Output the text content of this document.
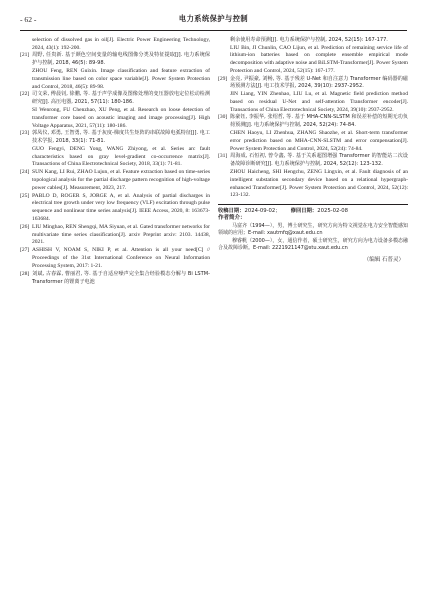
- 62 -	电力系统保护与控制

selection of dissolved gas in oil[J]. Electric Power Engineering Technology, 2024, 43(1): 192-200.

[21] 周野, 任贵新. 基于颜色空间变量的输电线图像分类及特征提取[J]. 电力系统保护与控制, 2018, 46(5): 89-98.

ZHOU Feng, REN Guixin. Image classification and feature extraction of transmission line based on color space variable[J]. Power System Protection and Control, 2018, 46(5): 89-98.

[22] 司文荣, 傅晨钊, 徐鹏, 等. 基于声学成像及图像处理的变压器放电定位松动检测研究[J]. 高压电器, 2021, 57(11): 180-186.

SI Wenrong, FU Chenzhao, XU Peng, et al. Research on loose detection of transformer core based on acoustic imaging and image processing[J]. High Voltage Apparatus, 2021, 57(11): 180-186.

[23] 郭凤仪, 邓勇, 王智勇, 等. 基于灰度-梯度共生矩阵的串联故障电弧特征[J]. 电工技术学报, 2018, 33(1): 71-81.

GUO Fengyi, DENG Yong, WANG Zhiyong, et al. Series arc fault characteristics based on gray level-gradient co-occurrence matrix[J]. Transactions of China Electrotechnical Society, 2018, 33(1): 71-81.

[24] SUN Kang, LI Rui, ZHAO Lujun, et al. Feature extraction based on time-series topological analysis for the partial discharge pattern recognition of high-voltage power cables[J]. Measurement, 2023, 217.

[25] PABLO D, ROGER S, JORGE A, et al. Analysis of partial discharges in electrical tree growth under very low frequency (VLF) excitation through pulse sequence and nonlinear time series analysis[J]. IEEE Access, 2020, 8: 163673-163684.

[26] LIU Minghao, REN Shengqi, MA Siyuan, et al. Gated transformer networks for multivariate time series classification[J]. arxiv Preprint arxiv: 2103. 14438, 2021.

[27] ASHISH V, NOAM S, NIKI P, et al. Attention is all your need[C] // Proceedings of the 31st International Conference on Neural Information Processing System, 2017: 1-21.

[28] 刘斌, 古春霖, 曹丽君, 等. 基于自适应噪声完全集合经验模态分解与 Bi LSTM-Transformer 的锂离子电池

剩余使用寿命预测[J]. 电力系统保护与控制, 2024, 52(15): 167-177.

LIU Bin, JI Chunlin, CAO Lijun, et al. Prediction of remaining service life of lithium-ion batteries based on complete ensemble empirical mode decomposition with adaptive noise and BiLSTM-Transformer[J]. Power System Protection and Control, 2024, 52(15): 167-177.

[29] 金亮, 尹振豪, 刘畅, 等. 基于残差 U-Net 和自注意力 Transformer 编码器的磁场预测方法[J]. 电工技术学报, 2024, 39(10): 2937-2952.

JIN Liang, YIN Zhenhao, LIU Lu, et al. Magnetic field prediction method based on residual U-Net and self-attention Transformer encoder[J]. Transactions of China Electrotechnical Society, 2024, 39(10): 2937-2952.

[30] 陈豪钰, 李振华, 张绍哲, 等. 基于 MHA-CNN-SLSTM 和误差补偿的短期无功负荷预测[J]. 电力系统保护与控制, 2024, 52(24): 74-84.

CHEN Haoyu, LI Zhenhua, ZHANG Shaozhe, et al. Short-term transformer error prediction based on MHA-CNN-SLSTM and error compensation[J]. Power System Protection and Control, 2024, 52(24): 74-84.

[31] 周海成, 石恒初, 曾令鑫, 等. 基于关系超图增强 Transformer 的智能站二次设备故障诊断研究[J]. 电力系统保护与控制, 2024, 52(12): 123-132.

ZHOU Haicheng, SHI Hengchu, ZENG Lingxin, et al. Fault diagnosis of an intelligent substation secondary device based on a relational hypergraph-enhanced Transformer[J]. Power System Protection and Control, 2024, 52(12): 123-132.

收稿日期：2024-09-02； 修回日期：2025-02-08
作者简介：

马富齐（1994—），男，博士研究生，研究方向为特文视觉在电力安全智能感知领域的应用；E-mail: xautmfq@xaut.edu.cn

穆睿帆（2000—），女，通信作者，硕士研究生，研究方向为电力设备多模态融合及故障诊断。E-mail: 2221921147@stu.xaut.edu.cn

（编辑 石普灵）
